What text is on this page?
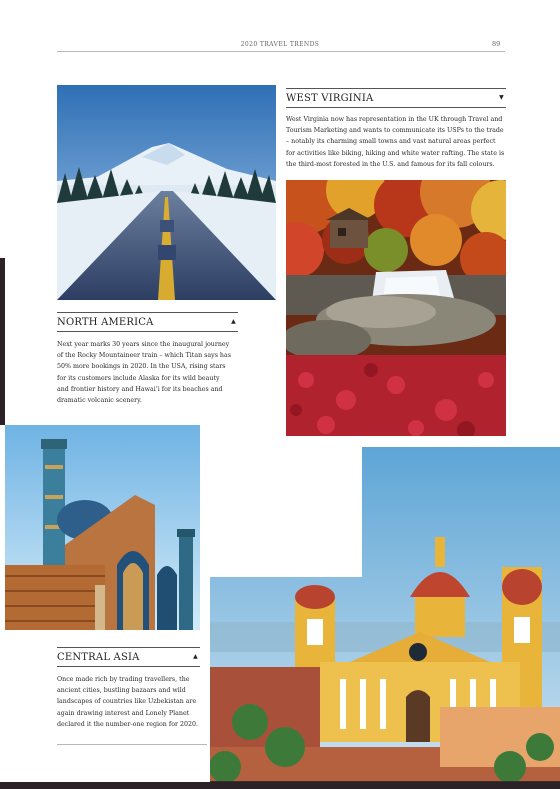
2020 TRAVEL TRENDS	89
WEST VIRGINIA	▼
West Virginia now has representation in the UK through Travel and
Tourism Marketing and wants to communicate its USPs to the trade
– notably its charming small towns and vast natural areas perfect
for activities like biking, hiking and white water rafting. The state is
the third-most forested in the U.S. and famous for its fall colours.
NORTH AMERICA	▲
Next year marks 30 years since the inaugural journey
of the Rocky Mountaineer train – which Titan says has
50% more bookings in 2020. In the USA, rising stars
for its customers include Alaska for its wild beauty
and frontier history and Hawai’i for its beaches and
dramatic volcanic scenery.
CENTRAL ASIA	▲
Once made rich by trading travellers, the
ancient cities, bustling bazaars and wild
landscapes of countries like Uzbekistan are
again drawing interest and Lonely Planet
declared it the number-one region for 2020.
